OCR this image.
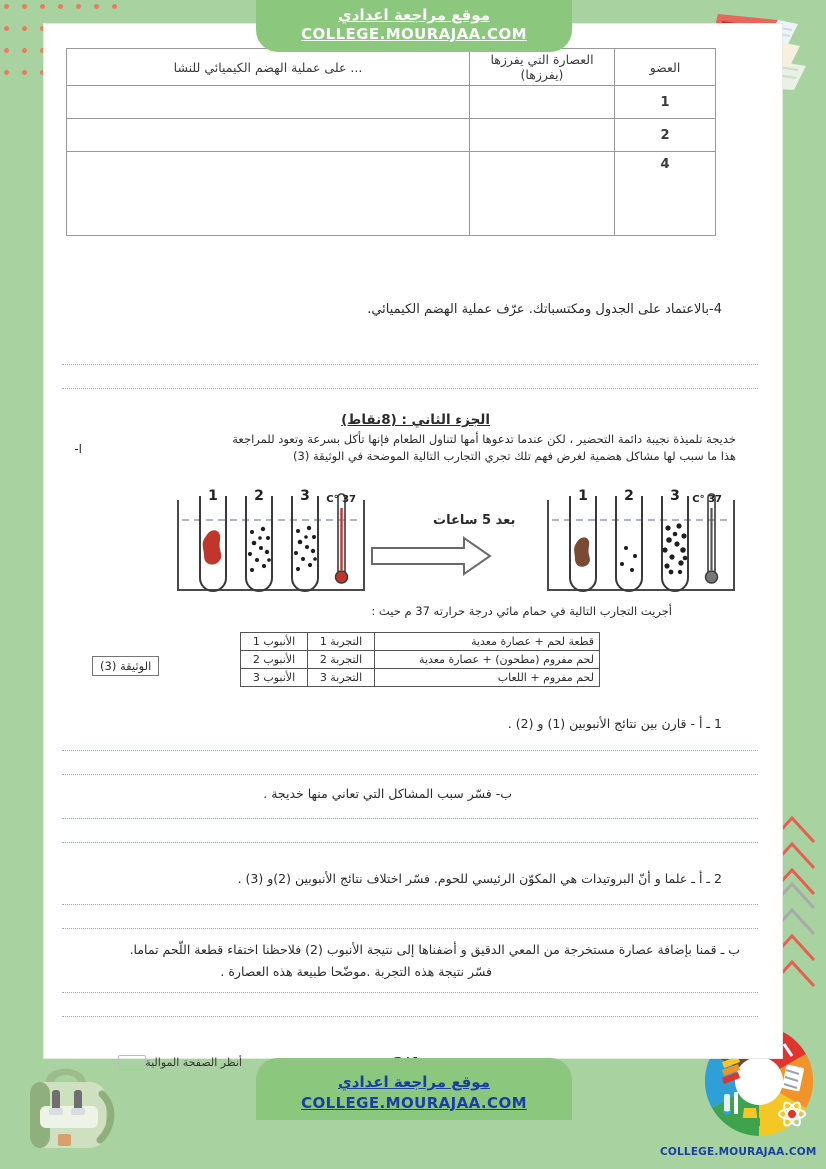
COLLEGE.MOURAJAA.COM
العضو	العصارة التي يفرزها (يفرزها)	... على عملية الهضم الكيميائي للنشا
1		
2		
4		
4-بالاعتماد على الجدول ومكتسباتك. عرّف عملية الهضم الكيميائي.
الجزء الثاني : (8نقاط)
خديجة تلميذة نجيبة دائمة التحضير ، لكن عندما تدعوها أمها لتناول الطعام فإنها تأكل بسرعة وتعود للمراجعة
هذا ما سبب لها مشاكل هضمية لغرض فهم تلك تجري التجارب التالية الموضحة في الوثيقة (3)
ا-
1	2	3 37 °C	1	2	3 37 °C
بعد 5 ساعات
أجريت التجارب التالية في حمام مائي درجة حرارته 37 م حيث :
قطعة لحم + عصارة معدية	التجربة 1	الأنبوب 1
لحم مفروم (مطحون) + عصارة معدية	التجربة 2	الأنبوب 2
لحم مفروم + اللعاب	التجربة 3	الأنبوب 3
الوثيقة (3)
1 ـ أ - قارن بين نتائج الأنبوبين (1) و (2) .
ب- فسّر سبب المشاكل التي تعاني منها خديجة .
2 ـ أ ـ علما و أنّ البروتيدات هي المكوّن الرئيسي للحوم. فسّر اختلاف نتائج الأنبوبين (2)و (3) .
ب ـ قمنا بإضافة عصارة مستخرجة من المعي الدقيق و أضفناها إلى نتيجة الأنبوب (2) فلاحظنا اختفاء قطعة اللّحم تماما.
فسّر نتيجة هذه التجربة .موضّحا طبيعة هذه العصارة .
أنظر الصفحة الموالية
موقع مراجعة اعدادي
COLLEGE.MOURAJAA.COM
موقع مراجعة اعدادي
COLLEGE.MOURAJAA.COM
